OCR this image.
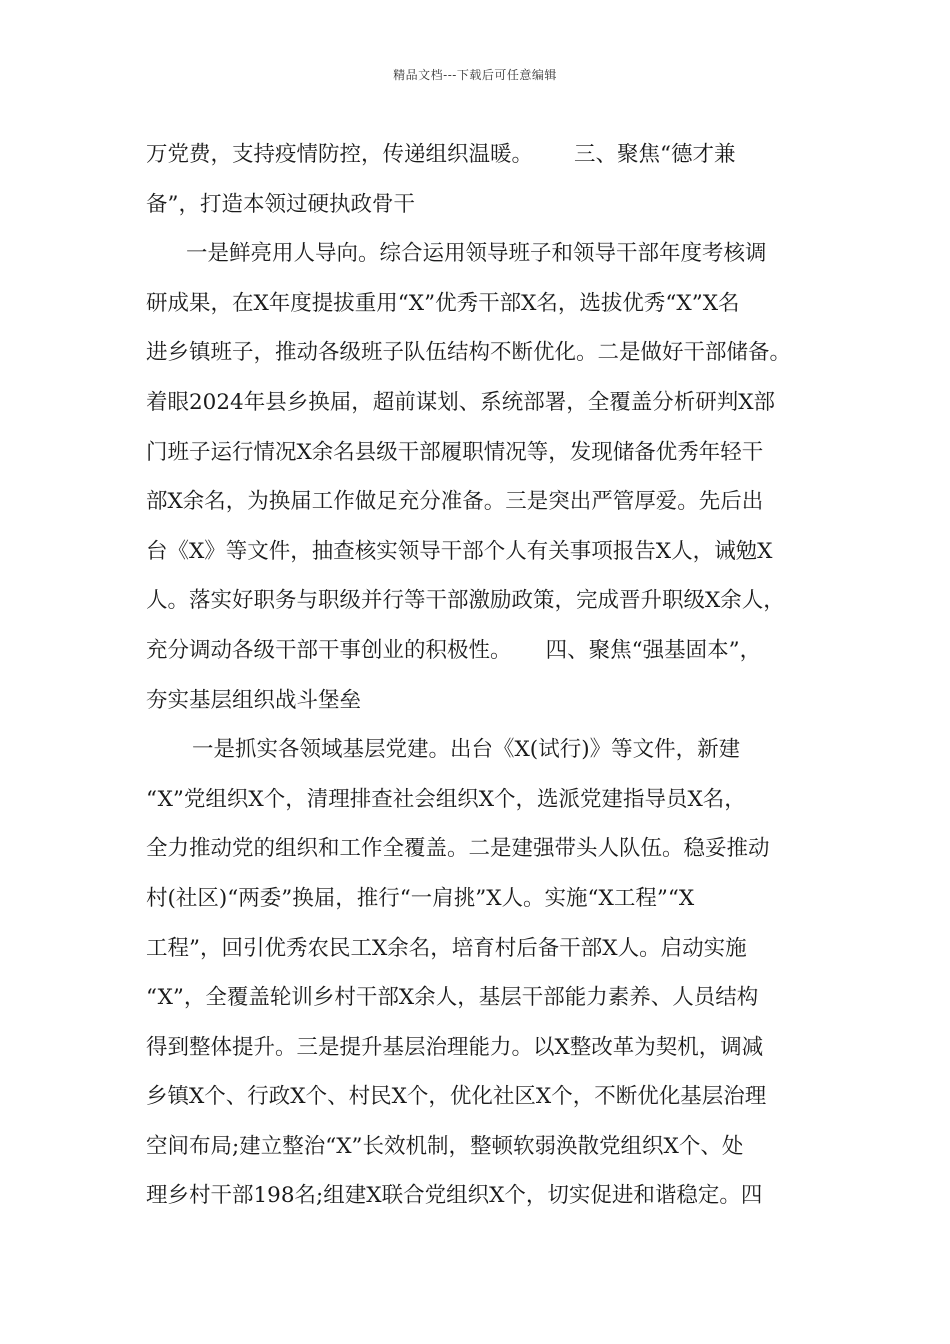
精品文档---下载后可任意编辑
万党费，支持疫情防控，传递组织温暖。      三、聚焦“德才兼
备”，打造本领过硬执政骨干
一是鲜亮用人导向。综合运用领导班子和领导干部年度考核调
研成果，在X年度提拔重用“X”优秀干部X名，选拔优秀“X”X名
进乡镇班子，推动各级班子队伍结构不断优化。二是做好干部储备。
着眼2024年县乡换届，超前谋划、系统部署，全覆盖分析研判X部
门班子运行情况X余名县级干部履职情况等，发现储备优秀年轻干
部X余名，为换届工作做足充分准备。三是突出严管厚爱。先后出
台《X》等文件，抽查核实领导干部个人有关事项报告X人，诫勉X
人。落实好职务与职级并行等干部激励政策，完成晋升职级X余人，
充分调动各级干部干事创业的积极性。     四、聚焦“强基固本”，
夯实基层组织战斗堡垒
一是抓实各领域基层党建。出台《X(试行)》等文件，新建
“X”党组织X个，清理排查社会组织X个，选派党建指导员X名，
全力推动党的组织和工作全覆盖。二是建强带头人队伍。稳妥推动
村(社区)“两委”换届，推行“一肩挑”X人。实施“X工程”“X
工程”，回引优秀农民工X余名，培育村后备干部X人。启动实施
“X”，全覆盖轮训乡村干部X余人，基层干部能力素养、人员结构
得到整体提升。三是提升基层治理能力。以X整改革为契机，调减
乡镇X个、行政X个、村民X个，优化社区X个，不断优化基层治理
空间布局;建立整治“X”长效机制，整顿软弱涣散党组织X个、处
理乡村干部198名;组建X联合党组织X个，切实促进和谐稳定。四
